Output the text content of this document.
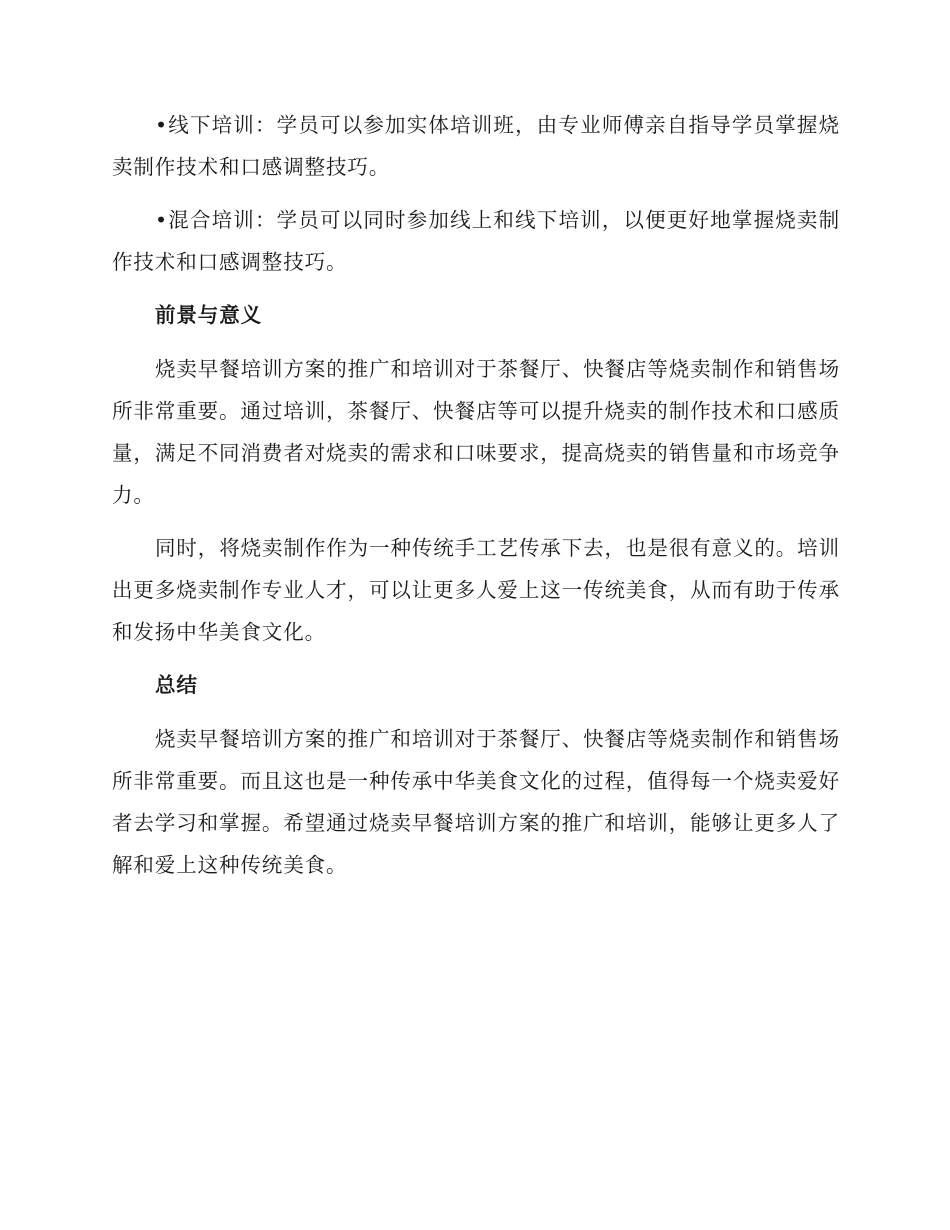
•线下培训：学员可以参加实体培训班，由专业师傅亲自指导学员掌握烧卖制作技术和口感调整技巧。

•混合培训：学员可以同时参加线上和线下培训，以便更好地掌握烧卖制作技术和口感调整技巧。

前景与意义

烧卖早餐培训方案的推广和培训对于茶餐厅、快餐店等烧卖制作和销售场所非常重要。通过培训，茶餐厅、快餐店等可以提升烧卖的制作技术和口感质量，满足不同消费者对烧卖的需求和口味要求，提高烧卖的销售量和市场竞争力。

同时，将烧卖制作作为一种传统手工艺传承下去，也是很有意义的。培训出更多烧卖制作专业人才，可以让更多人爱上这一传统美食，从而有助于传承和发扬中华美食文化。

总结

烧卖早餐培训方案的推广和培训对于茶餐厅、快餐店等烧卖制作和销售场所非常重要。而且这也是一种传承中华美食文化的过程，值得每一个烧卖爱好者去学习和掌握。希望通过烧卖早餐培训方案的推广和培训，能够让更多人了解和爱上这种传统美食。
